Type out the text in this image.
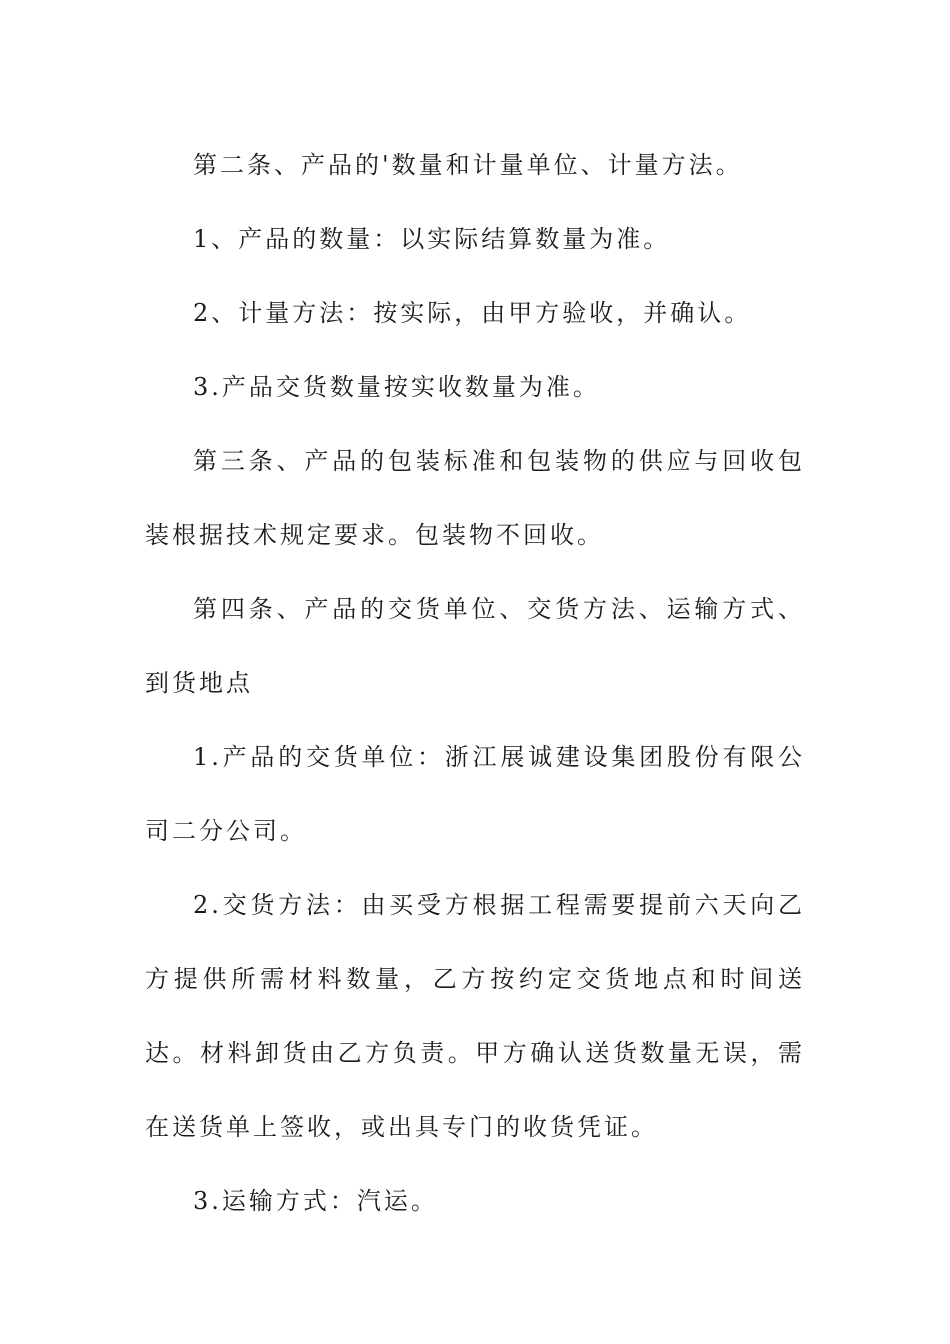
第二条、产品的'数量和计量单位、计量方法。

1、产品的数量：以实际结算数量为准。

2、计量方法：按实际，由甲方验收，并确认。

3.产品交货数量按实收数量为准。

第三条、产品的包装标准和包装物的供应与回收包装根据技术规定要求。包装物不回收。

第四条、产品的交货单位、交货方法、运输方式、到货地点

1.产品的交货单位：浙江展诚建设集团股份有限公司二分公司。

2.交货方法：由买受方根据工程需要提前六天向乙方提供所需材料数量，乙方按约定交货地点和时间送达。材料卸货由乙方负责。甲方确认送货数量无误，需在送货单上签收，或出具专门的收货凭证。

3.运输方式：汽运。
